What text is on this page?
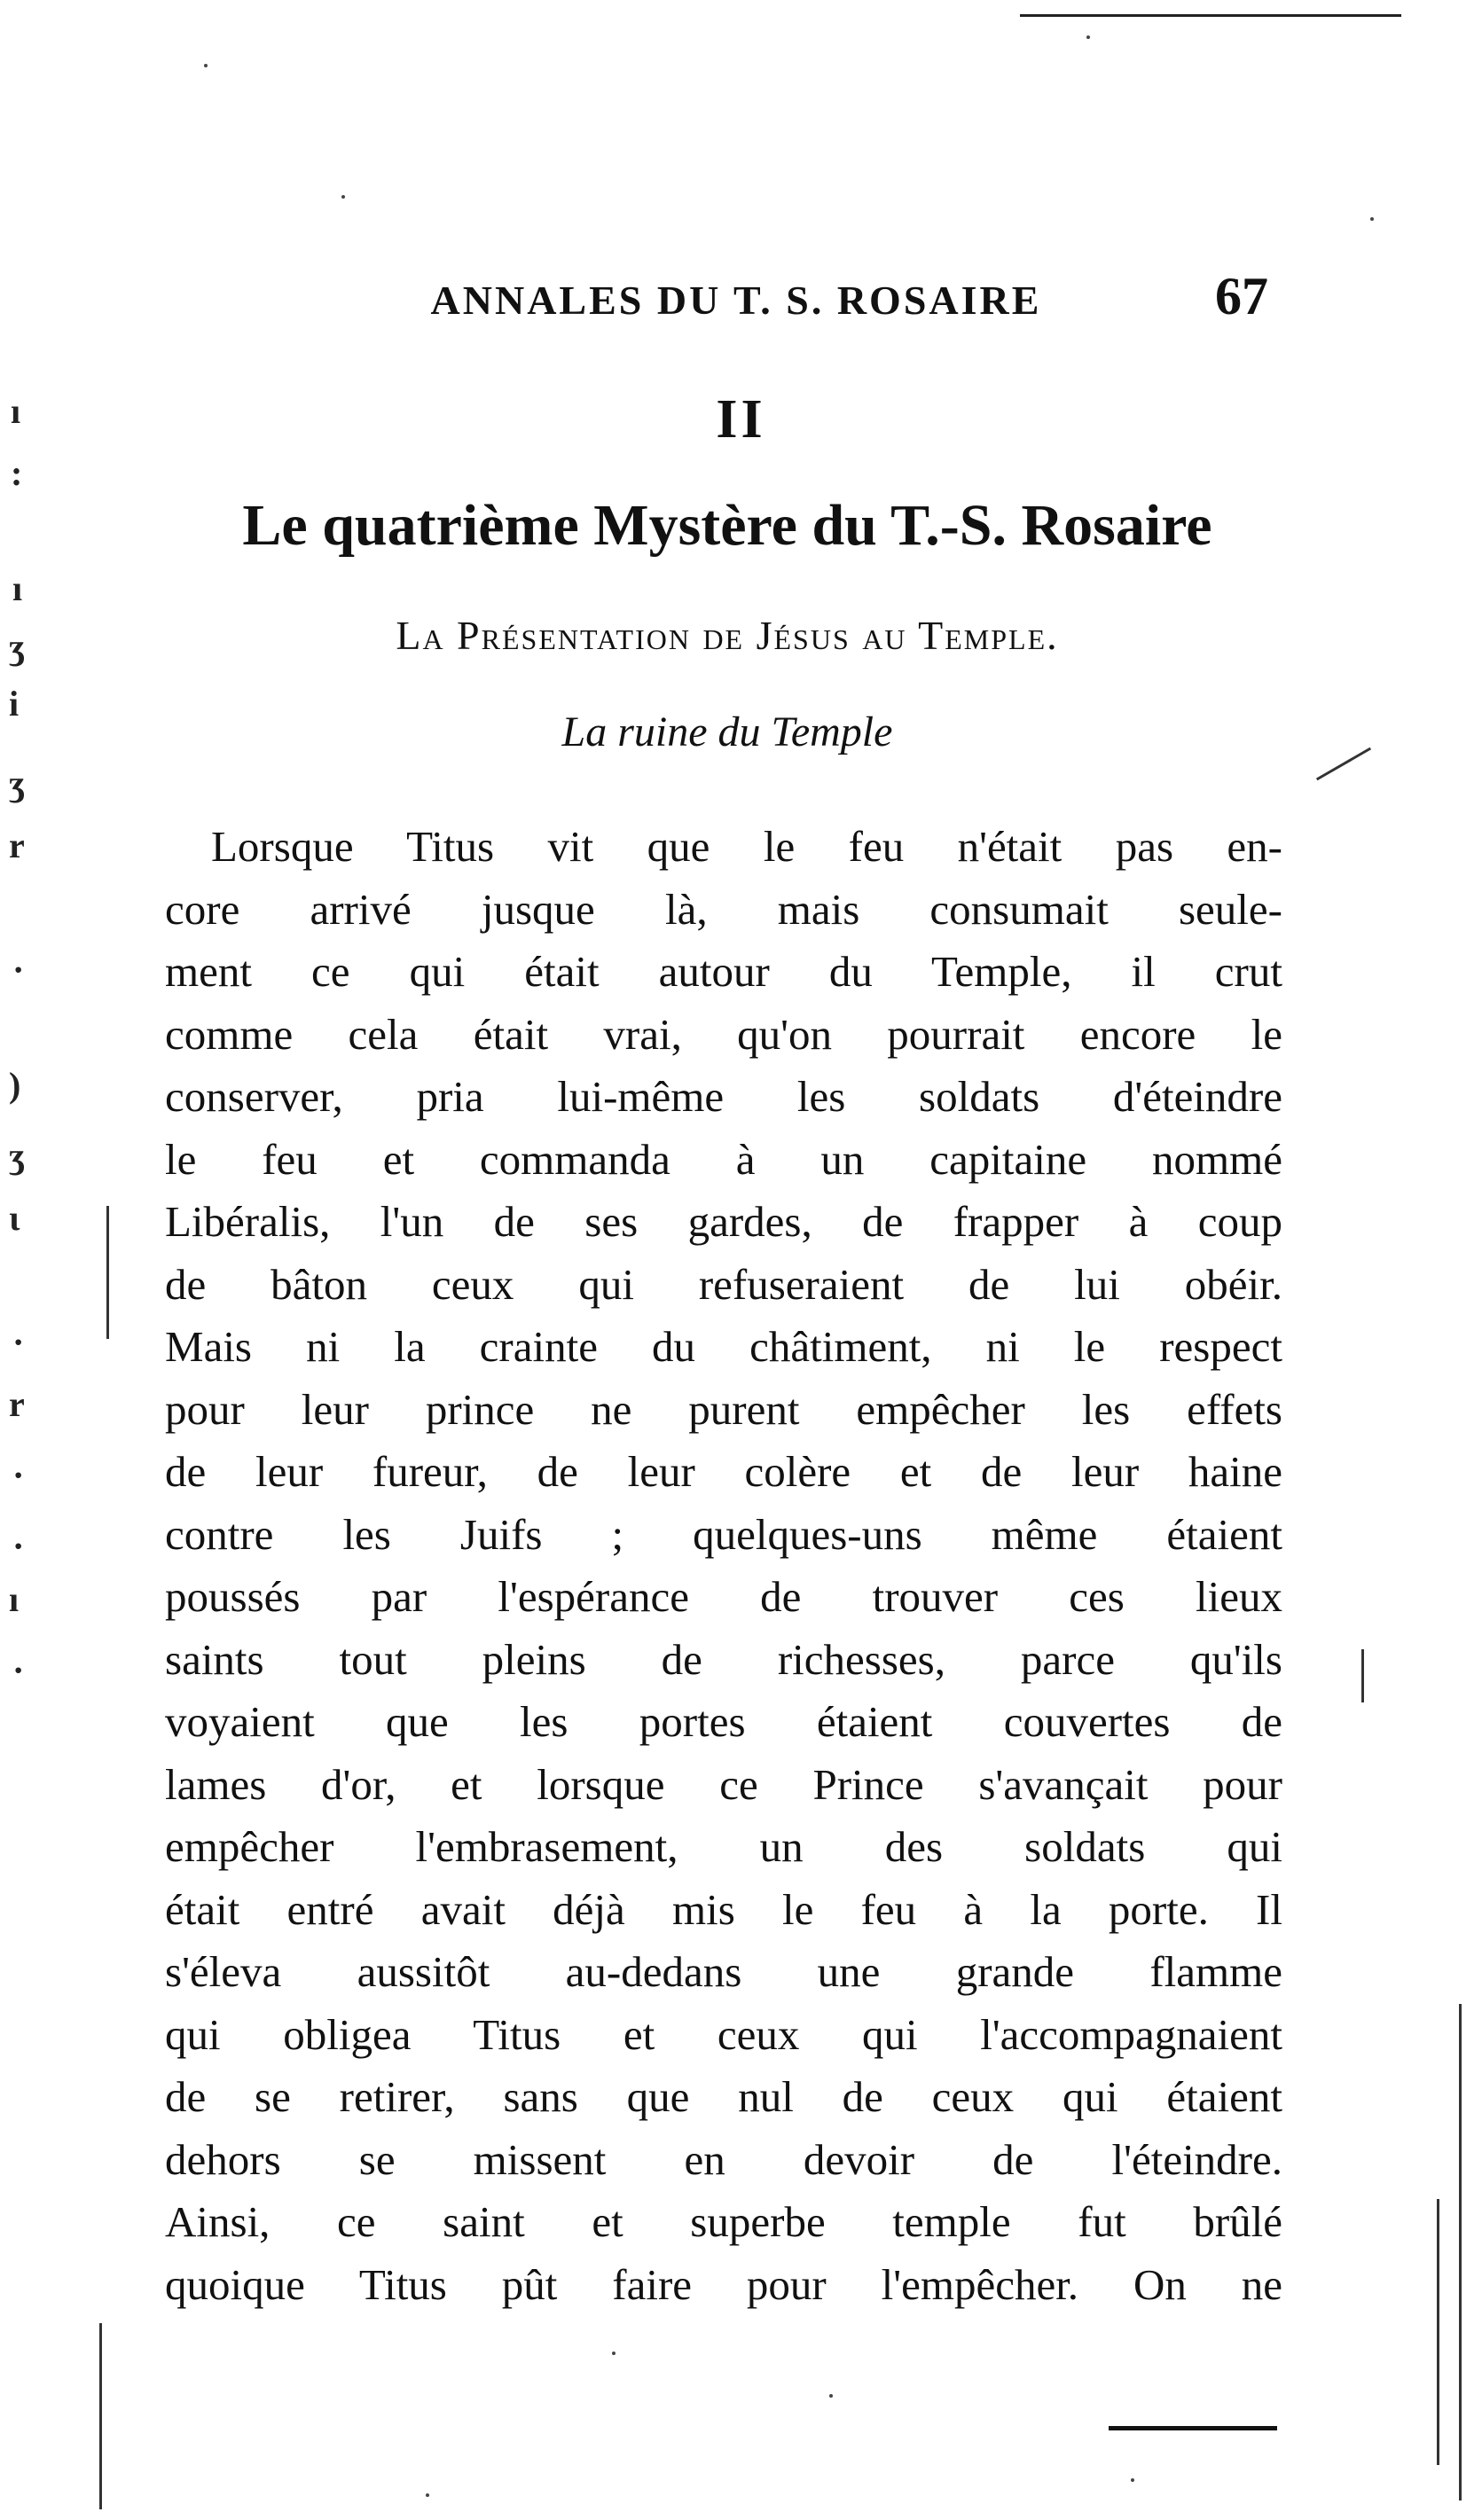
ı
:
ı
ʒ
i
ʒ
r
·
)
ʒ
ɩ
·
r
·
·
ı
·
ANNALES DU T. S. ROSAIRE	67
II
Le quatrième Mystère du T.-S. Rosaire
La Présentation de Jésus au Temple.
La ruine du Temple
Lorsque Titus vit que le feu n'était pas en-
core arrivé jusque là, mais consumait seule-
ment ce qui était autour du Temple, il crut
comme cela était vrai, qu'on pourrait encore le
conserver, pria lui-même les soldats d'éteindre
le feu et commanda à un capitaine nommé
Libéralis, l'un de ses gardes, de frapper à coup
de bâton ceux qui refuseraient de lui obéir.
Mais ni la crainte du châtiment, ni le respect
pour leur prince ne purent empêcher les effets
de leur fureur, de leur colère et de leur haine
contre les Juifs ; quelques-uns même étaient
poussés par l'espérance de trouver ces lieux
saints tout pleins de richesses, parce qu'ils
voyaient que les portes étaient couvertes de
lames d'or, et lorsque ce Prince s'avançait pour
empêcher l'embrasement, un des soldats qui
était entré avait déjà mis le feu à la porte. Il
s'éleva aussitôt au-dedans une grande flamme
qui obligea Titus et ceux qui l'accompagnaient
de se retirer, sans que nul de ceux qui étaient
dehors se missent en devoir de l'éteindre.
Ainsi, ce saint et superbe temple fut brûlé
quoique Titus pût faire pour l'empêcher. On ne
